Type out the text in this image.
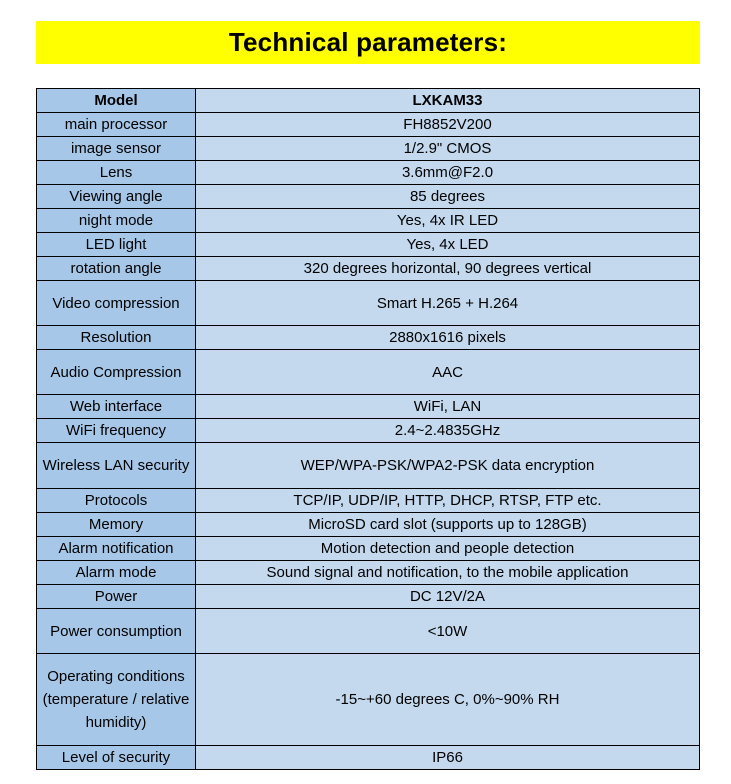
Technical parameters:
Model	LXKAM33
main processor	FH8852V200
image sensor	1/2.9" CMOS
Lens	3.6mm@F2.0
Viewing angle	85 degrees
night mode	Yes, 4x IR LED
LED light	Yes, 4x LED
rotation angle	320 degrees horizontal, 90 degrees vertical
Video compression	Smart H.265 + H.264
Resolution	2880x1616 pixels
Audio Compression	AAC
Web interface	WiFi, LAN
WiFi frequency	2.4~2.4835GHz
Wireless LAN security	WEP/WPA-PSK/WPA2-PSK data encryption
Protocols	TCP/IP, UDP/IP, HTTP, DHCP, RTSP, FTP etc.
Memory	MicroSD card slot (supports up to 128GB)
Alarm notification	Motion detection and people detection
Alarm mode	Sound signal and notification, to the mobile application
Power	DC 12V/2A
Power consumption	<10W
Operating conditions (temperature / relative humidity)	-15~+60 degrees C, 0%~90% RH
Level of security	IP66
